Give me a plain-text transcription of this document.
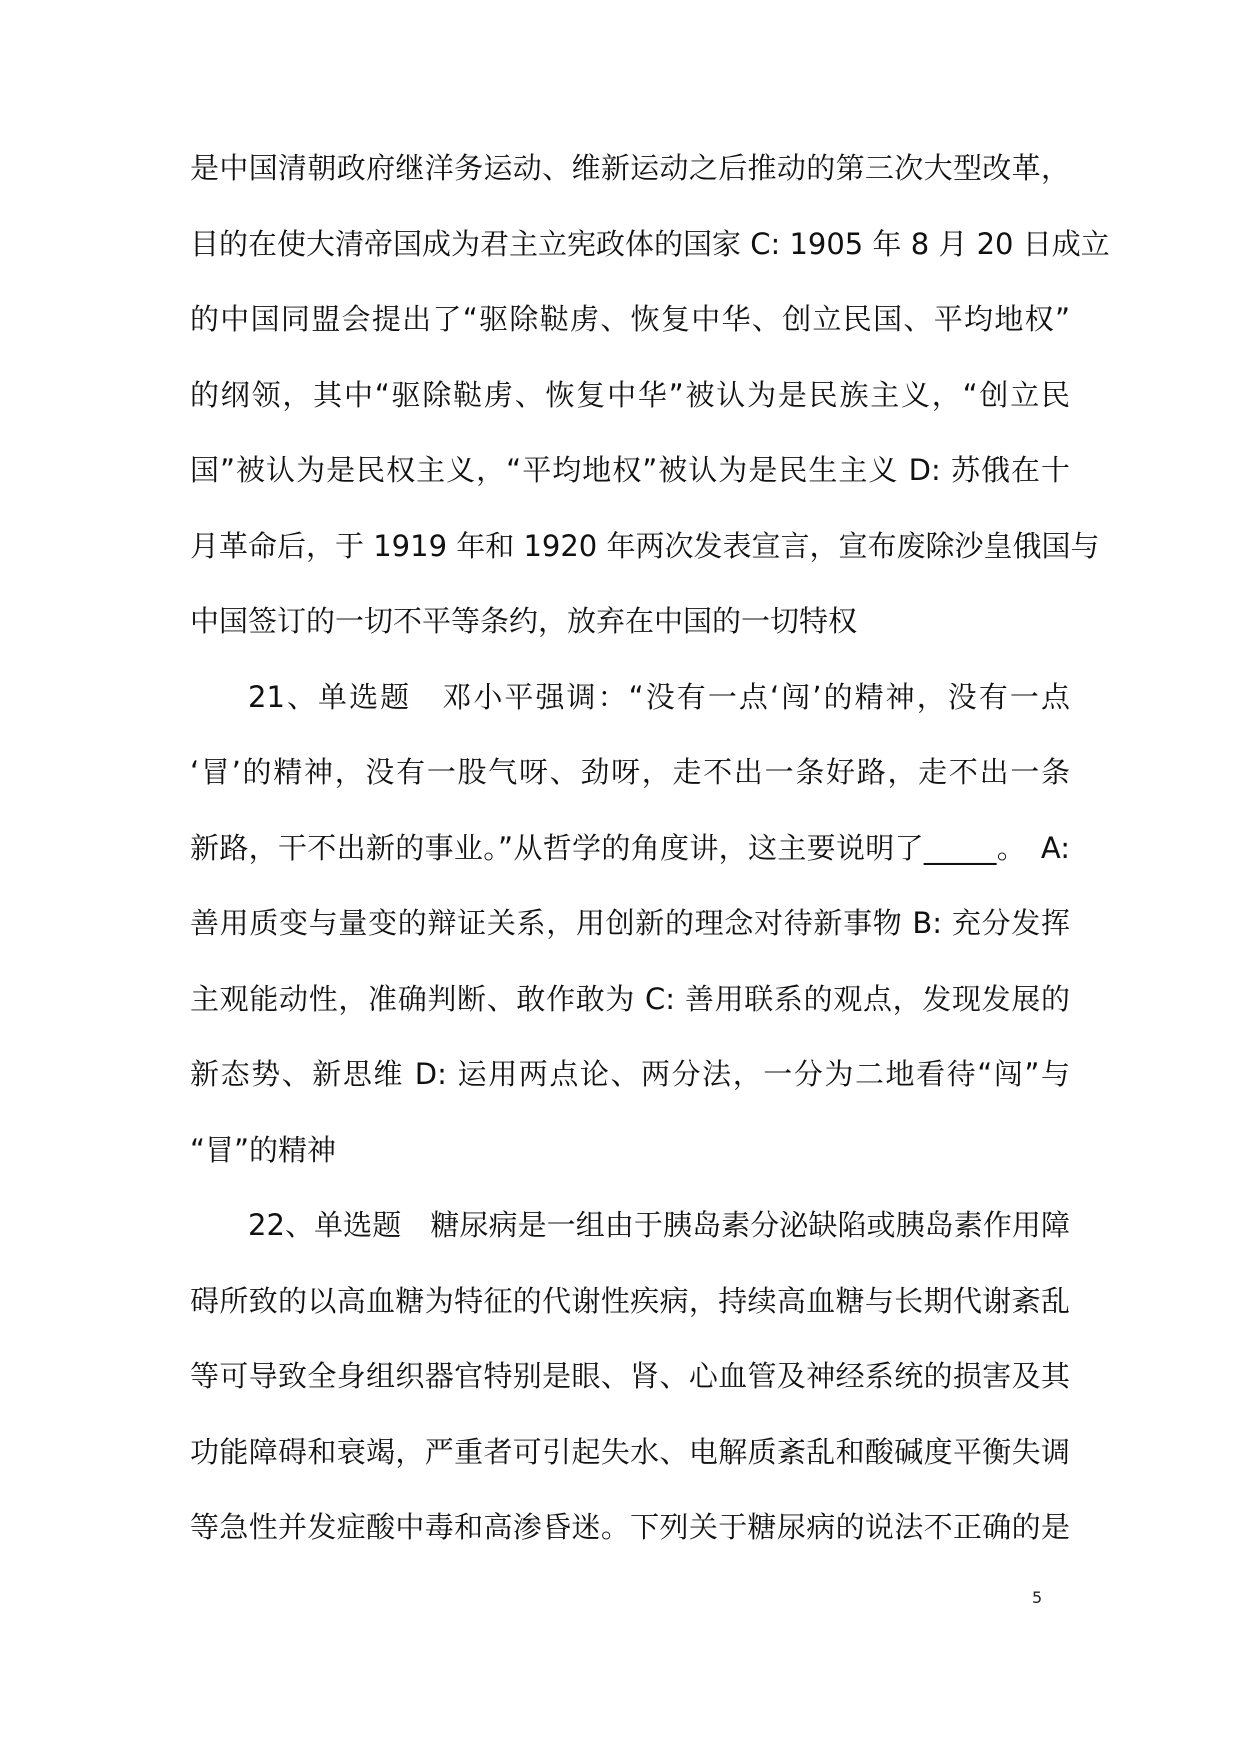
是中国清朝政府继洋务运动、维新运动之后推动的第三次大型改革，
目的在使大清帝国成为君主立宪政体的国家 C: 1905 年 8 月 20 日成立
的中国同盟会提出了“驱除鞑虏、恢复中华、创立民国、平均地权”
的纲领，其中“驱除鞑虏、恢复中华”被认为是民族主义，“创立民
国”被认为是民权主义，“平均地权”被认为是民生主义 D: 苏俄在十
月革命后，于 1919 年和 1920 年两次发表宣言，宣布废除沙皇俄国与
中国签订的一切不平等条约，放弃在中国的一切特权
21、单选题　邓小平强调：“没有一点‘闯’的精神，没有一点
‘冒’的精神，没有一股气呀、劲呀，走不出一条好路，走不出一条
新路，干不出新的事业。”从哲学的角度讲，这主要说明了_____。　A:
善用质变与量变的辩证关系，用创新的理念对待新事物 B: 充分发挥
主观能动性，准确判断、敢作敢为 C: 善用联系的观点，发现发展的
新态势、新思维 D: 运用两点论、两分法，一分为二地看待“闯”与
“冒”的精神
22、单选题　糖尿病是一组由于胰岛素分泌缺陷或胰岛素作用障
碍所致的以高血糖为特征的代谢性疾病，持续高血糖与长期代谢紊乱
等可导致全身组织器官特别是眼、肾、心血管及神经系统的损害及其
功能障碍和衰竭，严重者可引起失水、电解质紊乱和酸碱度平衡失调
等急性并发症酸中毒和高渗昏迷。下列关于糖尿病的说法不正确的是
5
